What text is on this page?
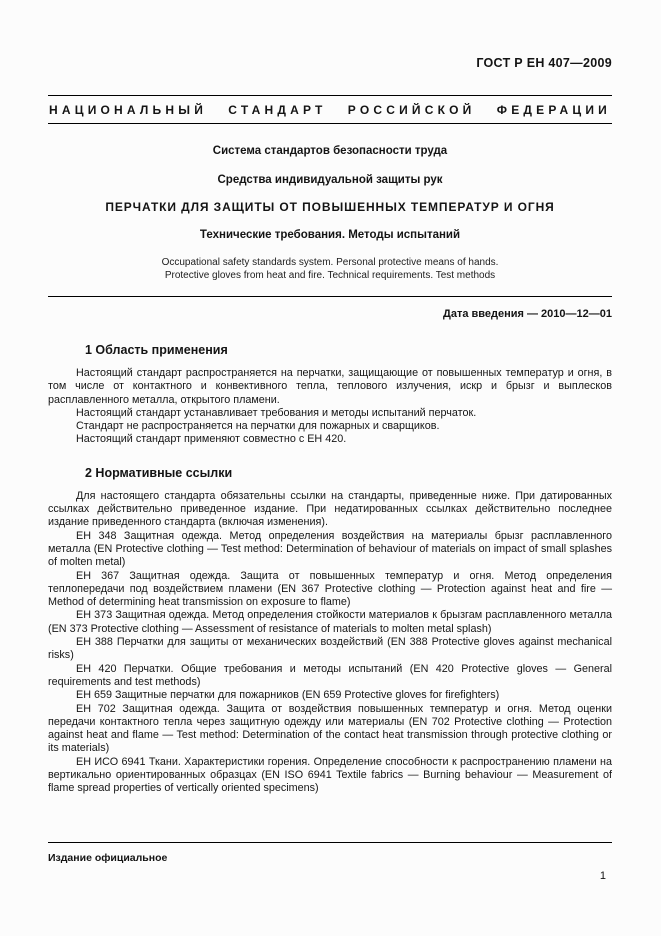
ГОСТ Р ЕН 407—2009
НАЦИОНАЛЬНЫЙ СТАНДАРТ РОССИЙСКОЙ ФЕДЕРАЦИИ
Система стандартов безопасности труда
Средства индивидуальной защиты рук
ПЕРЧАТКИ ДЛЯ ЗАЩИТЫ ОТ ПОВЫШЕННЫХ ТЕМПЕРАТУР И ОГНЯ
Технические требования. Методы испытаний
Occupational safety standards system. Personal protective means of hands.
Protective gloves from heat and fire. Technical requirements. Test methods
Дата введения — 2010—12—01
1 Область применения

Настоящий стандарт распространяется на перчатки, защищающие от повышенных температур и огня, в том числе от контактного и конвективного тепла, теплового излучения, искр и брызг и выплесков расплавленного металла, открытого пламени.

Настоящий стандарт устанавливает требования и методы испытаний перчаток.

Стандарт не распространяется на перчатки для пожарных и сварщиков.

Настоящий стандарт применяют совместно с ЕН 420.

2 Нормативные ссылки

Для настоящего стандарта обязательны ссылки на стандарты, приведенные ниже. При датированных ссылках действительно приведенное издание. При недатированных ссылках действительно последнее издание приведенного стандарта (включая изменения).

ЕН 348 Защитная одежда. Метод определения воздействия на материалы брызг расплавленного металла (EN Protective clothing — Test method: Determination of behaviour of materials on impact of small splashes of molten metal)

ЕН 367 Защитная одежда. Защита от повышенных температур и огня. Метод определения теплопередачи под воздействием пламени (EN 367 Protective clothing — Protection against heat and fire — Method of determining heat transmission on exposure to flame)

ЕН 373 Защитная одежда. Метод определения стойкости материалов к брызгам расплавленного металла (EN 373 Protective clothing — Assessment of resistance of materials to molten metal splash)

ЕН 388 Перчатки для защиты от механических воздействий (EN 388 Protective gloves against mechanical risks)

ЕН 420 Перчатки. Общие требования и методы испытаний (EN 420 Protective gloves — General requirements and test methods)

ЕН 659 Защитные перчатки для пожарников (EN 659 Protective gloves for firefighters)

ЕН 702 Защитная одежда. Защита от воздействия повышенных температур и огня. Метод оценки передачи контактного тепла через защитную одежду или материалы (EN 702 Protective clothing — Protection against heat and flame — Test method: Determination of the contact heat transmission through protective clothing or its materials)

ЕН ИСО 6941 Ткани. Характеристики горения. Определение способности к распространению пламени на вертикально ориентированных образцах (EN ISO 6941 Textile fabrics — Burning behaviour — Measurement of flame spread properties of vertically oriented specimens)

Издание официальное
1
